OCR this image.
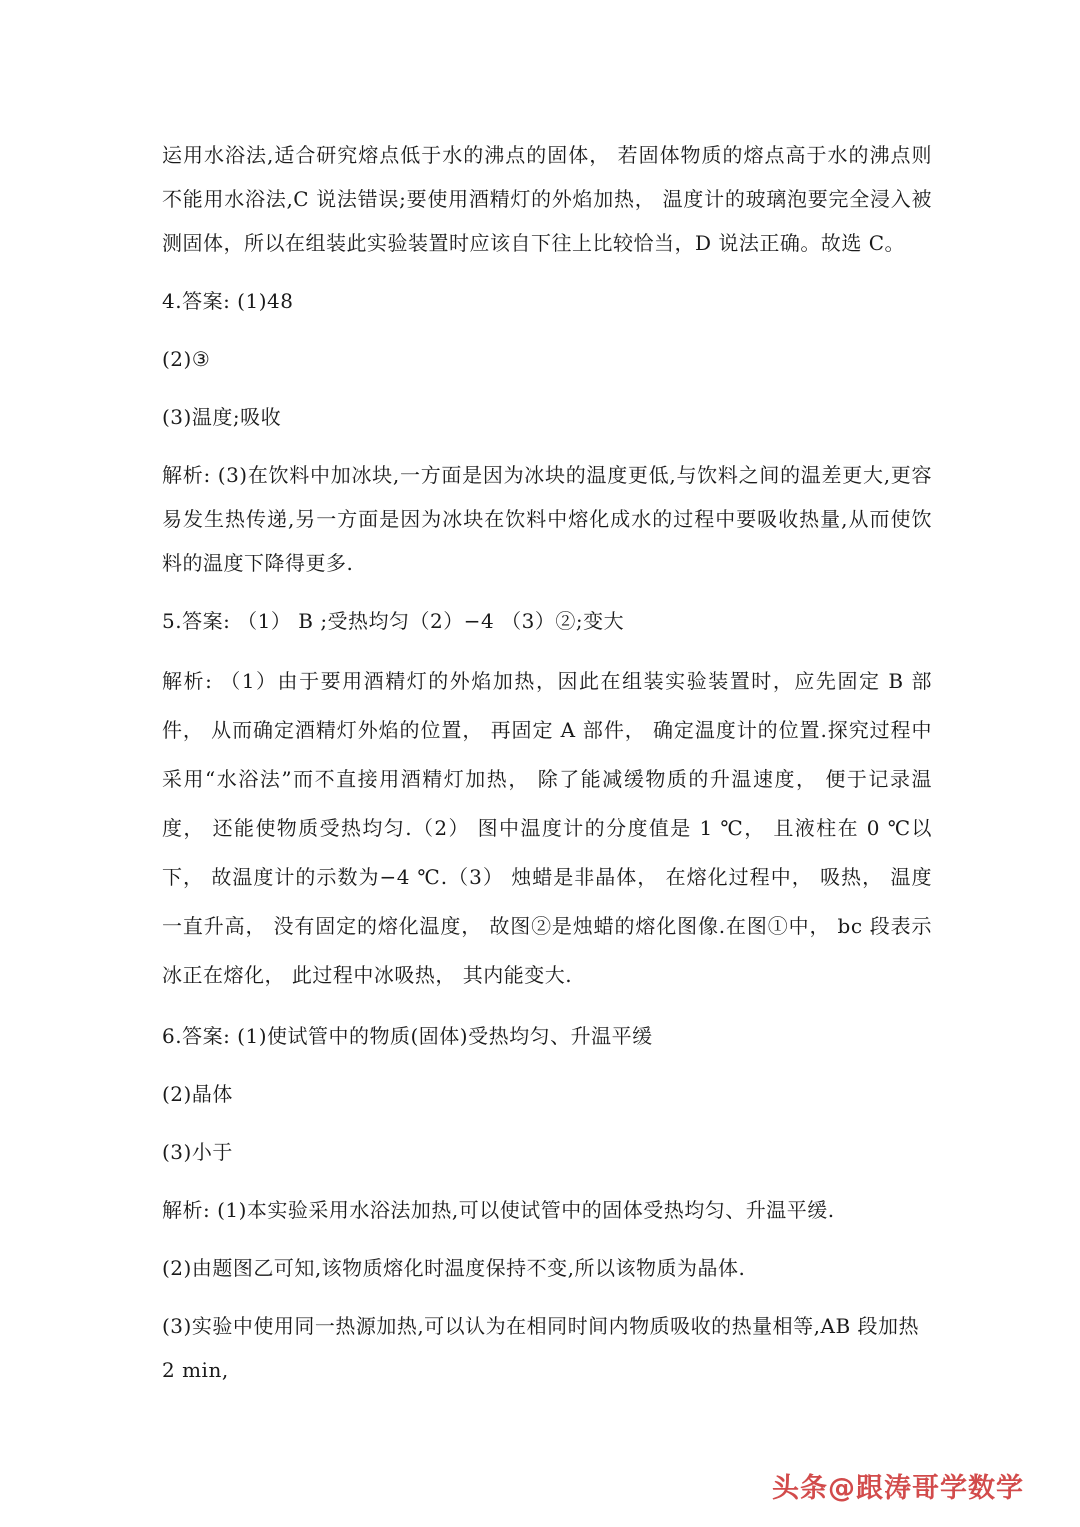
运用水浴法,适合研究熔点低于水的沸点的固体， 若固体物质的熔点高于水的沸点则不能用水浴法,C 说法错误;要使用酒精灯的外焰加热， 温度计的玻璃泡要完全浸入被测固体，所以在组装此实验装置时应该自下往上比较恰当，D 说法正确。故选 C。

4.答案: (1)48

(2)③

(3)温度;吸收

解析: (3)在饮料中加冰块,一方面是因为冰块的温度更低,与饮料之间的温差更大,更容易发生热传递,另一方面是因为冰块在饮料中熔化成水的过程中要吸收热量,从而使饮料的温度下降得更多.

5.答案: （1） B ;受热均匀（2）−4 （3）②;变大

解析: （1）由于要用酒精灯的外焰加热，因此在组装实验装置时，应先固定 B 部件， 从而确定酒精灯外焰的位置， 再固定 A 部件， 确定温度计的位置.探究过程中采用“水浴法”而不直接用酒精灯加热， 除了能减缓物质的升温速度， 便于记录温度， 还能使物质受热均匀.（2） 图中温度计的分度值是 1 ℃， 且液柱在 0 ℃以下， 故温度计的示数为−4 ℃.（3） 烛蜡是非晶体， 在熔化过程中， 吸热， 温度一直升高， 没有固定的熔化温度， 故图②是烛蜡的熔化图像.在图①中， bc 段表示冰正在熔化， 此过程中冰吸热， 其内能变大.

6.答案: (1)使试管中的物质(固体)受热均匀、升温平缓

(2)晶体

(3)小于

解析: (1)本实验采用水浴法加热,可以使试管中的固体受热均匀、升温平缓.

(2)由题图乙可知,该物质熔化时温度保持不变,所以该物质为晶体.

(3)实验中使用同一热源加热,可以认为在相同时间内物质吸收的热量相等,AB 段加热 2 min,

头条@跟涛哥学数学
